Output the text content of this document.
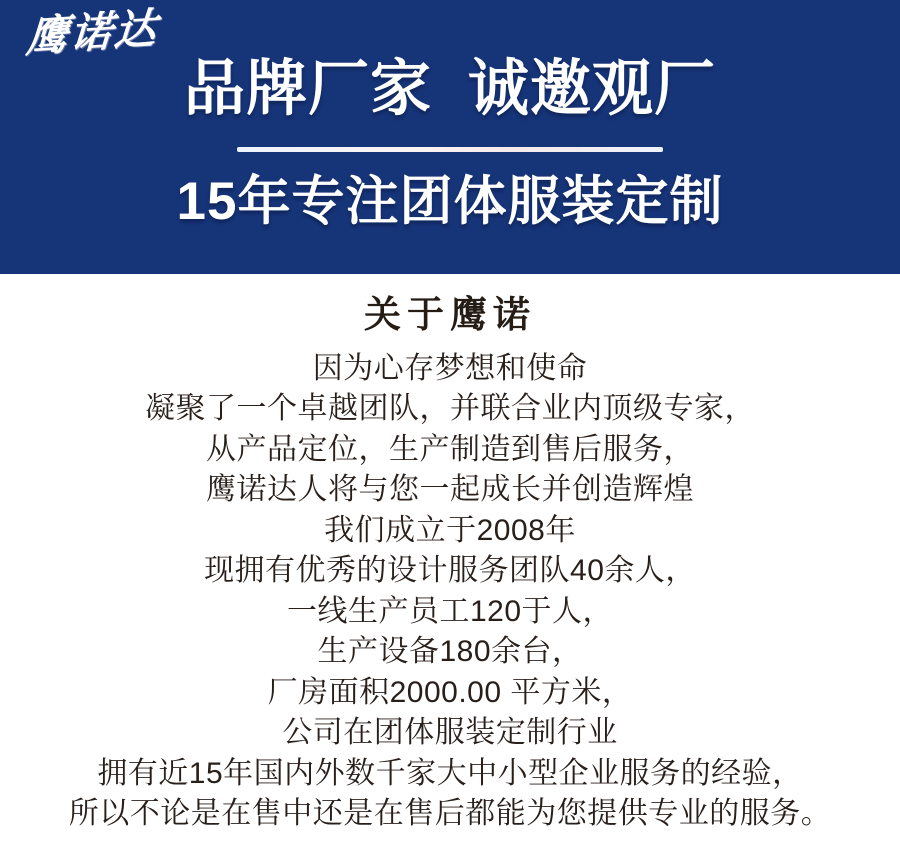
鹰诺达
品牌厂家  诚邀观厂
15年专注团体服装定制
关于鹰诺

因为心存梦想和使命

凝聚了一个卓越团队，并联合业内顶级专家，

从产品定位，生产制造到售后服务，

鹰诺达人将与您一起成长并创造辉煌

我们成立于2008年

现拥有优秀的设计服务团队40余人，

一线生产员工120于人，

生产设备180余台，

厂房面积2000.00 平方米，

公司在团体服装定制行业

拥有近15年国内外数千家大中小型企业服务的经验，

所以不论是在售中还是在售后都能为您提供专业的服务。
